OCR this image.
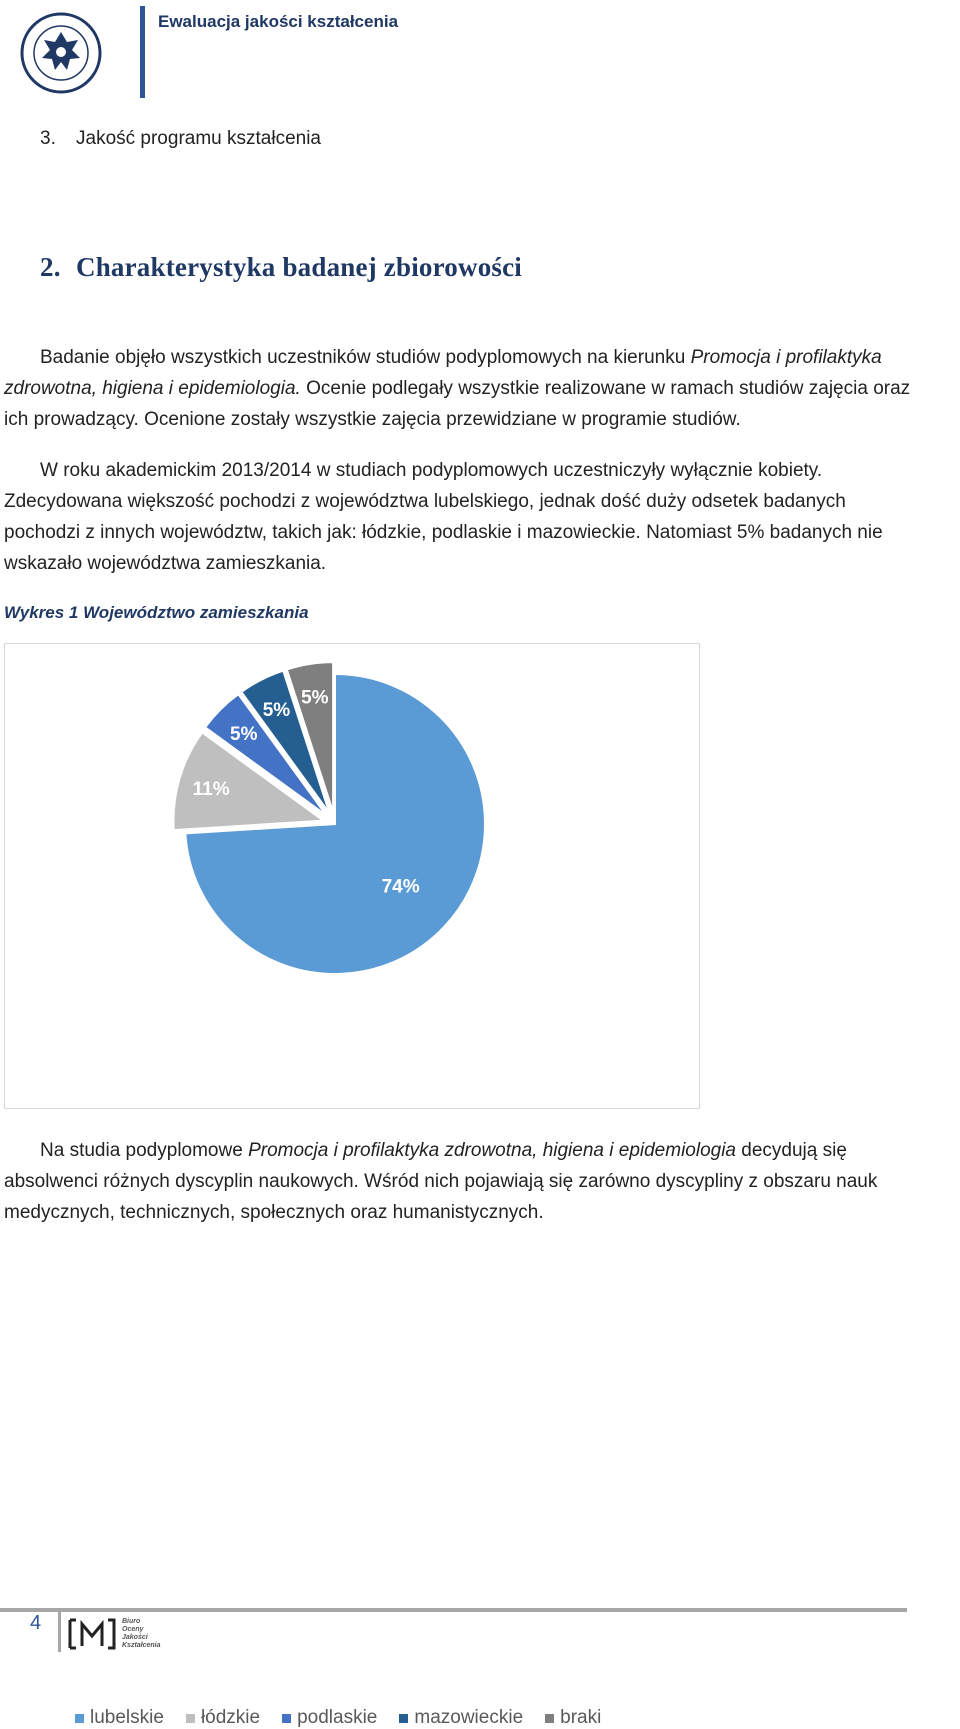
Ewaluacja jakości kształcenia
3. Jakość programu kształcenia
2. Charakterystyka badanej zbiorowości
Badanie objęło wszystkich uczestników studiów podyplomowych na kierunku Promocja i profilaktyka
zdrowotna, higiena i epidemiologia. Ocenie podlegały wszystkie realizowane w ramach studiów zajęcia oraz
ich prowadzący. Ocenione zostały wszystkie zajęcia przewidziane w programie studiów.
W roku akademickim 2013/2014 w studiach podyplomowych uczestniczyły wyłącznie kobiety.
Zdecydowana większość pochodzi z województwa lubelskiego, jednak dość duży odsetek badanych
pochodzi z innych województw, takich jak: łódzkie, podlaskie i mazowieckie. Natomiast 5% badanych nie
wskazało województwa zamieszkania.
Wykres 1 Województwo zamieszkania
74%
11%
5%
5%
5%
lubelskie łódzkie podlaskie mazowieckie braki
Na studia podyplomowe Promocja i profilaktyka zdrowotna, higiena i epidemiologia decydują się
absolwenci różnych dyscyplin naukowych. Wśród nich pojawiają się zarówno dyscypliny z obszaru nauk
medycznych, technicznych, społecznych oraz humanistycznych.
4	Biuro
Oceny
Jakości
Kształcenia
